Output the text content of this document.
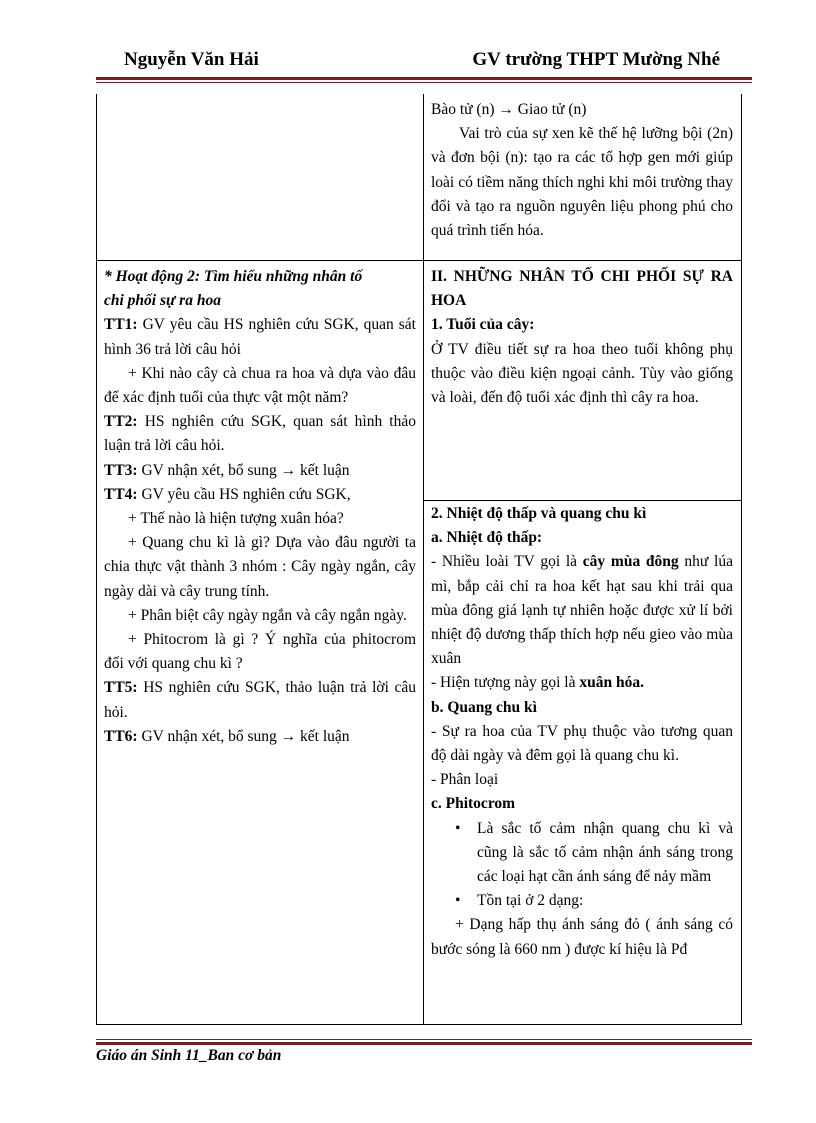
Nguyễn Văn Hải	GV trường THPT Mường Nhé

Bào tử (n) → Giao tử (n)

Vai trò của sự xen kẽ thế hệ lưỡng bội (2n) và đơn bội (n): tạo ra các tổ hợp gen mới giúp loài có tiềm năng thích nghi khi môi trường thay đổi và tạo ra nguồn nguyên liệu phong phú cho quá trình tiến hóa.

* Hoạt động 2: Tìm hiểu những nhân tố
chi phối sự ra hoa

TT1: GV yêu cầu HS nghiên cứu SGK, quan sát hình 36 trả lời câu hỏi

+ Khi nào cây cà chua ra hoa và dựa vào đâu để xác định tuổi của thực vật một năm?

TT2: HS nghiên cứu SGK, quan sát hình thảo luận trả lời câu hỏi.

TT3: GV nhận xét, bổ sung → kết luận

TT4: GV yêu cầu HS nghiên cứu SGK,

+ Thế nào là hiện tượng xuân hóa?

+ Quang chu kì là gì? Dựa vào đâu người ta chia thực vật thành 3 nhóm : Cây ngày ngắn, cây ngày dài và cây trung tính.

+ Phân biệt cây ngày ngắn và cây ngắn ngày.

+ Phitocrom là gì ? Ý nghĩa của phitocrom đối với quang chu kì ?

TT5: HS nghiên cứu SGK, thảo luận trả lời câu hỏi.

TT6: GV nhận xét, bổ sung → kết luận

II. NHỮNG NHÂN TỐ CHI PHỐI SỰ RA HOA

1. Tuổi của cây:

Ở TV điều tiết sự ra hoa theo tuổi không phụ thuộc vào điều kiện ngoại cảnh. Tùy vào giống và loài, đến độ tuổi xác định thì cây ra hoa.

2. Nhiệt độ thấp và quang chu kì

a. Nhiệt độ thấp:

- Nhiều loài TV gọi là cây mùa đông như lúa mì, bắp cải chỉ ra hoa kết hạt sau khi trải qua mùa đông giá lạnh tự nhiên hoặc được xử lí bởi nhiệt độ dương thấp thích hợp nếu gieo vào mùa xuân

- Hiện tượng này gọi là xuân hóa.

b. Quang chu kì

- Sự ra hoa của TV phụ thuộc vào tương quan độ dài ngày và đêm gọi là quang chu kì.

- Phân loại

c. Phitocrom

• Là sắc tố cảm nhận quang chu kì và cũng là sắc tố cảm nhận ánh sáng trong các loại hạt cần ánh sáng để nảy mầm

• Tồn tại ở 2 dạng:

+ Dạng hấp thụ ánh sáng đỏ ( ánh sáng có bước sóng là 660 nm ) được kí hiệu là Pđ

Giáo án Sinh 11_Ban cơ bản
